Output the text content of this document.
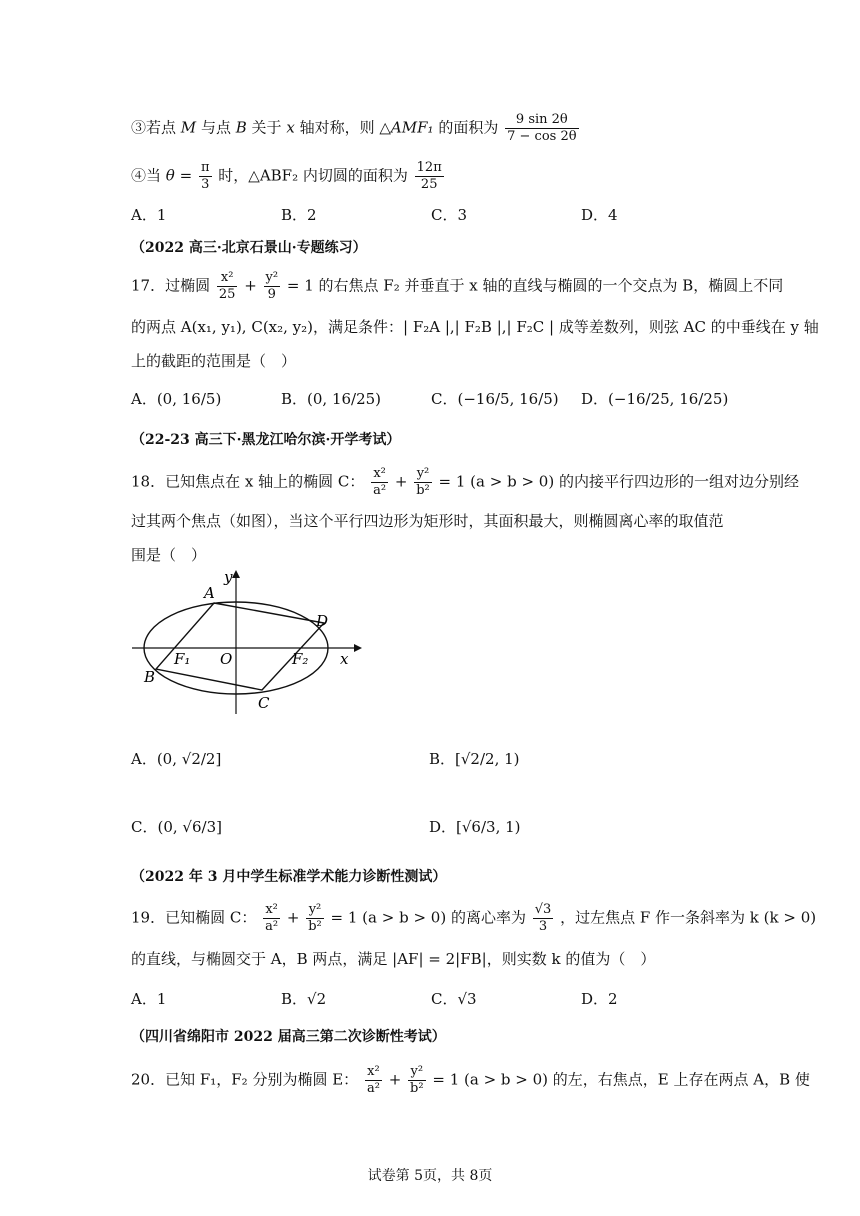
③若点 M 与点 B 关于 x 轴对称，则 △AMF₁ 的面积为 $\frac{9 \sin 2\theta}{7 - \cos 2\theta}$
④当 $\theta = \frac{\pi}{3}$ 时，△ABF₂ 内切圆的面积为 $\frac{12\pi}{25}$
A．1	B．2	C．3	D．4
（2022 高三·北京石景山·专题练习）
17．过椭圆 $\frac{\text{x²}}{25} + \frac{\text{y²}}{9} = 1$ 的右焦点 F₂ 并垂直于 x 轴的直线与椭圆的一个交点为 B，椭圆上不同
的两点 A(x₁, y₁), C(x₂, y₂)，满足条件：| F₂A |,| F₂B |,| F₂C | 成等差数列，则弦 AC 的中垂线在 y 轴
上的截距的范围是（　）
A．(0, 16/5)	B．(0, 16/25)	C．(−16/5, 16/5) D．(−16/25, 16/25)
（22-23 高三下·黑龙江哈尔滨·开学考试）
18．已知焦点在 x 轴上的椭圆 C： $\frac{\text{x²}}{\text{a²}} + \frac{\text{y²}}{\text{b²}} = 1$ (a > b > 0) 的内接平行四边形的一组对边分别经
过其两个焦点（如图），当这个平行四边形为矩形时，其面积最大，则椭圆离心率的取值范
围是（　）
y
x
O
A
D
B
C
F₁	F₂
A．(0, √2/2]	B．[√2/2, 1)
C．(0, √6/3]	D．[√6/3, 1)
（2022 年 3 月中学生标准学术能力诊断性测试）
19．已知椭圆 C： $\frac{\text{x²}}{\text{a²}} + \frac{\text{y²}}{\text{b²}} = 1$ (a > b > 0) 的离心率为 $\frac{√3}{3}$ ，过左焦点 F 作一条斜率为 k (k > 0)
的直线，与椭圆交于 A，B 两点，满足 |AF| = 2|FB|，则实数 k 的值为（　）
A．1	B．√2	C．√3	D．2
（四川省绵阳市 2022 届高三第二次诊断性考试）
20．已知 F₁，F₂ 分别为椭圆 E： $\frac{\text{x²}}{\text{a²}} + \frac{\text{y²}}{\text{b²}} = 1$ (a > b > 0) 的左，右焦点，E 上存在两点 A，B 使
试卷第 5页，共 8页
